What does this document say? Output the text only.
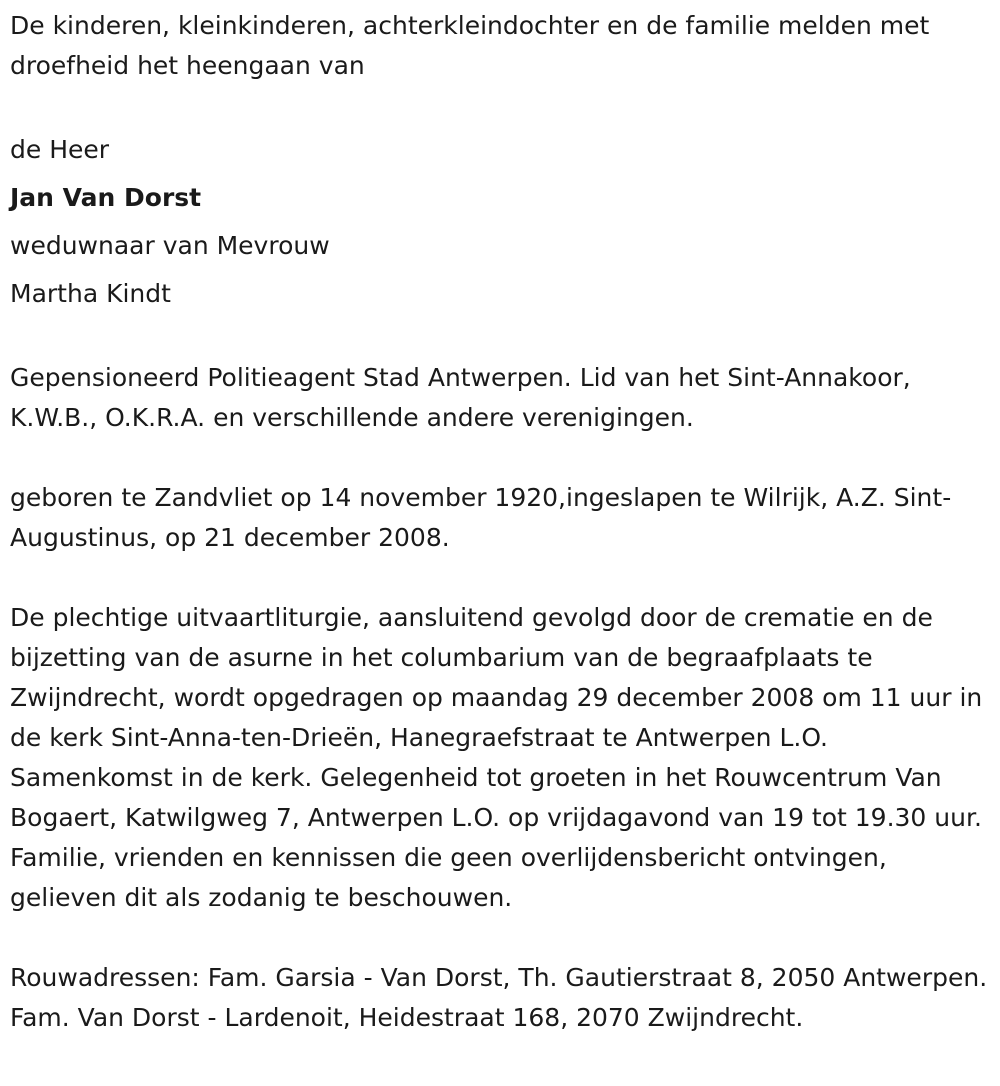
De kinderen, kleinkinderen, achterkleindochter en de familie melden met droefheid het heengaan van

de Heer

Jan Van Dorst

weduwnaar van Mevrouw

Martha Kindt

Gepensioneerd Politieagent Stad Antwerpen. Lid van het Sint-Annakoor, K.W.B., O.K.R.A. en verschillende andere verenigingen.

geboren te Zandvliet op 14 november 1920,ingeslapen te Wilrijk, A.Z. Sint-Augustinus, op 21 december 2008.

De plechtige uitvaartliturgie, aansluitend gevolgd door de crematie en de bijzetting van de asurne in het columbarium van de begraafplaats te Zwijndrecht, wordt opgedragen op maandag 29 december 2008 om 11 uur in de kerk Sint-Anna-ten-Drieën, Hanegraefstraat te Antwerpen L.O. Samenkomst in de kerk. Gelegenheid tot groeten in het Rouwcentrum Van Bogaert, Katwilgweg 7, Antwerpen L.O. op vrijdagavond van 19 tot 19.30 uur. Familie, vrienden en kennissen die geen overlijdensbericht ontvingen, gelieven dit als zodanig te beschouwen.

Rouwadressen: Fam. Garsia - Van Dorst, Th. Gautierstraat 8, 2050 Antwerpen. Fam. Van Dorst - Lardenoit, Heidestraat 168, 2070 Zwijndrecht.
